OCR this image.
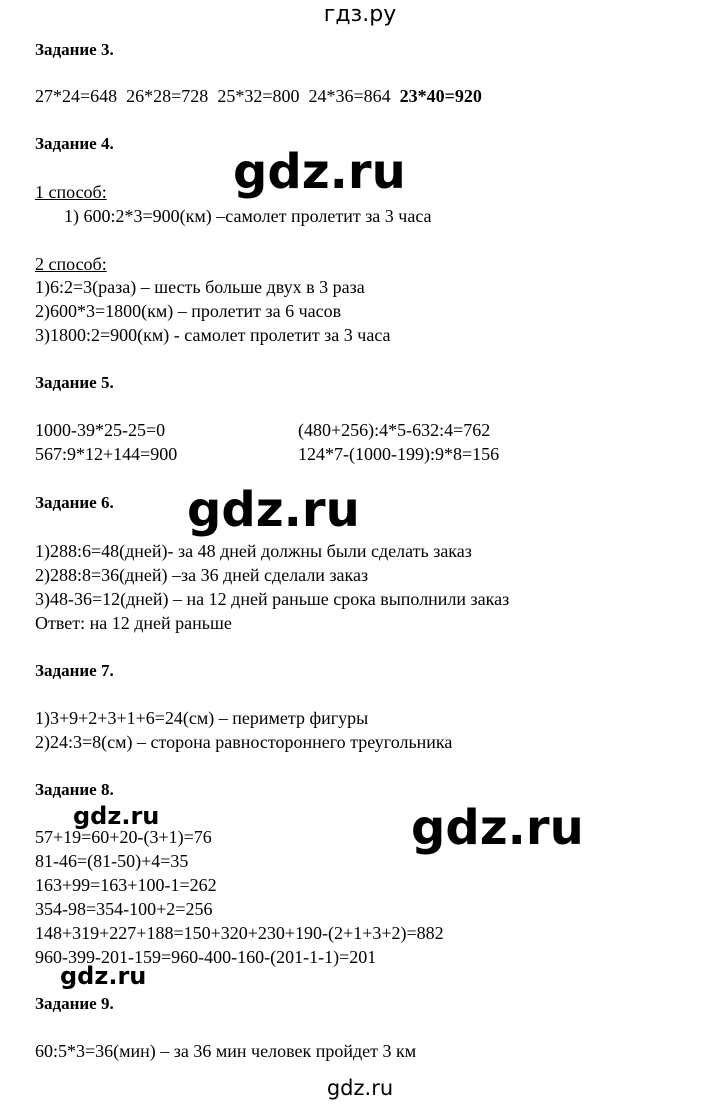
гдз.ру
Задание 3.
27*24=648 26*28=728 25*32=800 24*36=864 23*40=920
Задание 4.
1 способ:
1) 600:2*3=900(км) –самолет пролетит за 3 часа
2 способ:
1)6:2=3(раза) – шесть больше двух в 3 раза
2)600*3=1800(км) – пролетит за 6 часов
3)1800:2=900(км) - самолет пролетит за 3 часа
Задание 5.
1000-39*25-25=0	(480+256):4*5-632:4=762
567:9*12+144=900	124*7-(1000-199):9*8=156
Задание 6.
1)288:6=48(дней)- за 48 дней должны были сделать заказ
2)288:8=36(дней) –за 36 дней сделали заказ
3)48-36=12(дней) – на 12 дней раньше срока выполнили заказ
Ответ: на 12 дней раньше
Задание 7.
1)3+9+2+3+1+6=24(см) – периметр фигуры
2)24:3=8(см) – сторона равностороннего треугольника
Задание 8.
57+19=60+20-(3+1)=76
81-46=(81-50)+4=35
163+99=163+100-1=262
354-98=354-100+2=256
148+319+227+188=150+320+230+190-(2+1+3+2)=882
960-399-201-159=960-400-160-(201-1-1)=201
Задание 9.
60:5*3=36(мин) – за 36 мин человек пройдет 3 км
gdz.ru
gdz.ru
gdz.ru
gdz.ru
gdz.ru
gdz.ru
